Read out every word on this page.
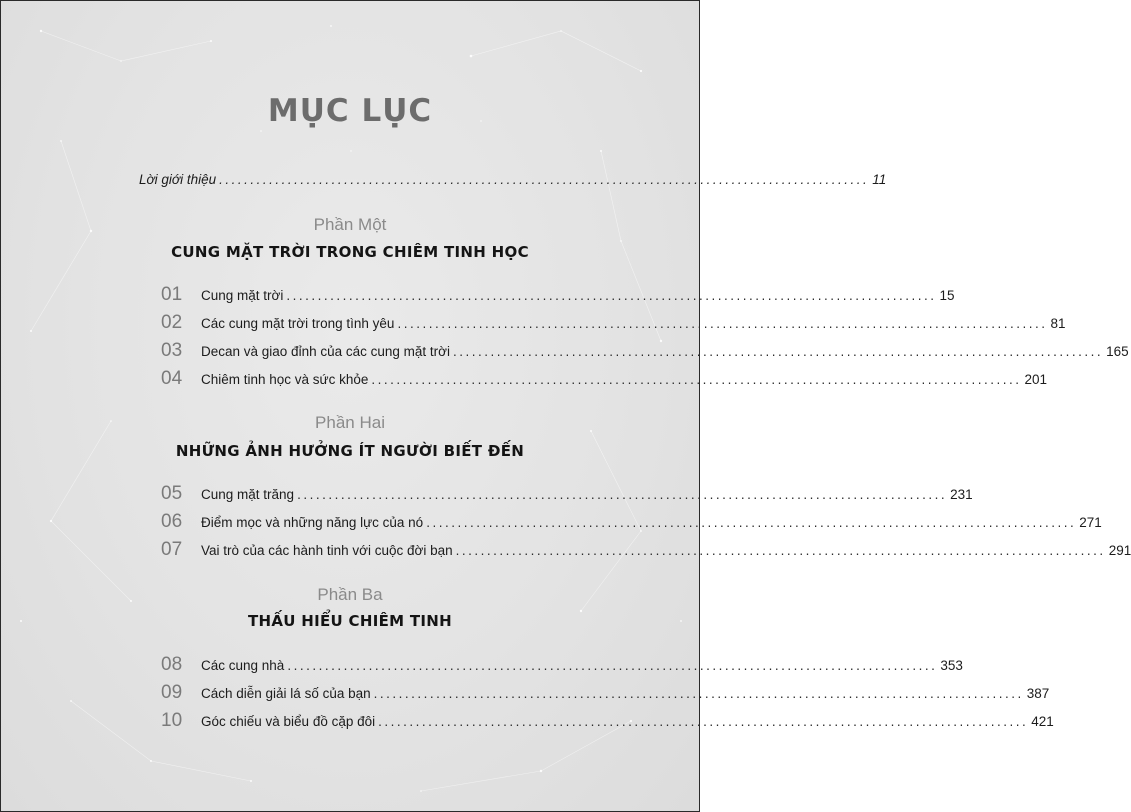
MỤC LỤC
Lời giới thiệu ........................................................................................................ 11
Phần Một
CUNG MẶT TRỜI TRONG CHIÊM TINH HỌC
01	Cung mặt trời ........................................................................................................ 15
02	Các cung mặt trời trong tình yêu ........................................................................................................ 81
03	Decan và giao đỉnh của các cung mặt trời ........................................................................................................ 165
04	Chiêm tinh học và sức khỏe ........................................................................................................ 201
Phần Hai
NHỮNG ẢNH HƯỞNG ÍT NGƯỜI BIẾT ĐẾN
05	Cung mặt trăng ........................................................................................................ 231
06	Điểm mọc và những năng lực của nó ........................................................................................................ 271
07	Vai trò của các hành tinh với cuộc đời bạn ........................................................................................................ 291
Phần Ba
THẤU HIỂU CHIÊM TINH
08	Các cung nhà ........................................................................................................ 353
09	Cách diễn giải lá số của bạn ........................................................................................................ 387
10	Góc chiếu và biểu đồ cặp đôi ........................................................................................................ 421
